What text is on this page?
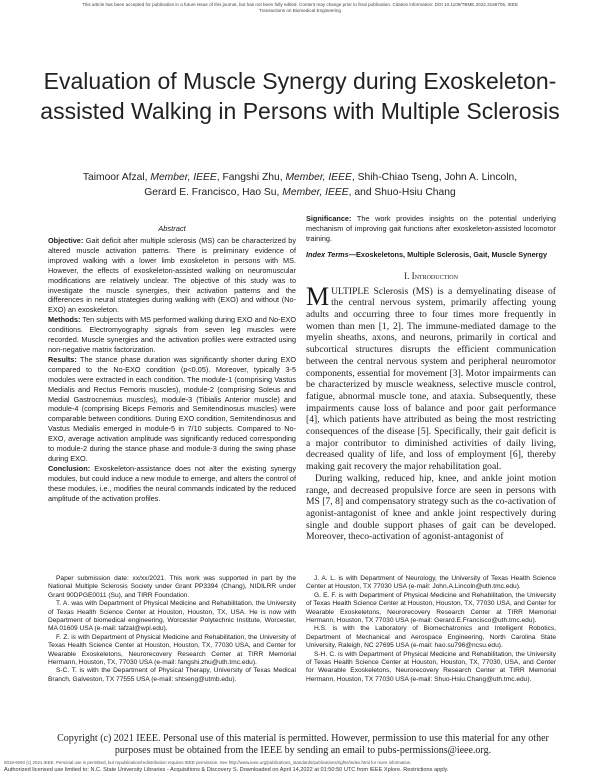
This article has been accepted for publication in a future issue of this journal, but has not been fully edited. Content may change prior to final publication. Citation information: DOI 10.1109/TBME.2022.3166705, IEEE
Transactions on Biomedical Engineering
Evaluation of Muscle Synergy during Exoskeleton-assisted Walking in Persons with Multiple Sclerosis
Taimoor Afzal, Member, IEEE, Fangshi Zhu, Member, IEEE, Shih-Chiao Tseng, John A. Lincoln, Gerard E. Francisco, Hao Su, Member, IEEE, and Shuo-Hsiu Chang
Abstract

Objective: Gait deficit after multiple sclerosis (MS) can be characterized by altered muscle activation patterns. There is preliminary evidence of improved walking with a lower limb exoskeleton in persons with MS. However, the effects of exoskeleton-assisted walking on neuromuscular modifications are relatively unclear. The objective of this study was to investigate the muscle synergies, their activation patterns and the differences in neural strategies during walking with (EXO) and without (No-EXO) an exoskeleton.

Methods: Ten subjects with MS performed walking during EXO and No-EXO conditions. Electromyography signals from seven leg muscles were recorded. Muscle synergies and the activation profiles were extracted using non-negative matrix factorization.

Results: The stance phase duration was significantly shorter during EXO compared to the No-EXO condition (p<0.05). Moreover, typically 3-5 modules were extracted in each condition. The module-1 (comprising Vastus Medialis and Rectus Femoris muscles), module-2 (comprising Soleus and Medial Gastrocnemius muscles), module-3 (Tibialis Anterior muscle) and module-4 (comprising Biceps Femoris and Semitendinosus muscles) were comparable between conditions. During EXO condition, Semitendinosus and Vastus Medialis emerged in module-5 in 7/10 subjects. Compared to No-EXO, average activation amplitude was significantly reduced corresponding to module-2 during the stance phase and module-3 during the swing phase during EXO.

Conclusion: Exoskeleton-assistance does not alter the existing synergy modules, but could induce a new module to emerge, and alters the control of these modules, i.e., modifies the neural commands indicated by the reduced amplitude of the activation profiles.

Significance: The work provides insights on the potential underlying mechanism of improving gait functions after exoskeleton-assisted locomotor training.

Index Terms—Exoskeletons, Multiple Sclerosis, Gait, Muscle Synergy

I. Introduction

MULTIPLE Sclerosis (MS) is a demyelinating disease of the central nervous system, primarily affecting young adults and occurring three to four times more frequently in women than men [1, 2]. The immune-mediated damage to the myelin sheaths, axons, and neurons, primarily in cortical and subcortical structures disrupts the efficient communication between the central nervous system and peripheral neuromotor components, essential for movement [3]. Motor impairments can be characterized by muscle weakness, selective muscle control, fatigue, abnormal muscle tone, and ataxia. Subsequently, these impairments cause loss of balance and poor gait performance [4], which patients have attributed as being the most restricting consequences of the disease [5]. Specifically, their gait deficit is a major contributor to diminished activities of daily living, decreased quality of life, and loss of employment [6], thereby making gait recovery the major rehabilitation goal.

During walking, reduced hip, knee, and ankle joint motion range, and decreased propulsive force are seen in persons with MS [7, 8] and compensatory strategy such as the co-activation of agonist-antagonist of knee and ankle joint respectively during single and double support phases of gait can be developed. Moreover, theco-activation of agonist-antagonist of

Paper submission date: xx/xx/2021. This work was supported in part by the National Multiple Sclerosis Society under Grant PP3394 (Chang), NIDILRR under Grant 90DPGE0011 (Su), and TIRR Foundation.

T. A. was with Department of Physical Medicine and Rehabilitation, the University of Texas Health Science Center at Houston, Houston, TX, USA. He is now with Department of biomedical engineering, Worcester Polytechnic Institute, Worcester, MA 01609 USA (e-mail: tafzal@wpi.edu).

F. Z. is with Department of Physical Medicine and Rehabilitation, the University of Texas Health Science Center at Houston, Houston, TX, 77030 USA, and Center for Wearable Exoskeletons, Neurorecovery Research Center at TIRR Memorial Hermann, Houston, TX, 77030 USA (e-mail: fangshi.zhu@uth.tmc.edu).

S-C. T. is with the Department of Physical Therapy, University of Texas Medical Branch, Galveston, TX 77555 USA (e-mail: shtseng@utmb.edu).

J. A. L. is with Department of Neurology, the University of Texas Health Science Center at Houston, TX 77030 USA (e-mail: John.A.Lincoln@uth.tmc.edu).

G. E. F. is with Department of Physical Medicine and Rehabilitation, the University of Texas Health Science Center at Houston, Houston, TX, 77030 USA, and Center for Wearable Exoskeletons, Neurorecovery Research Center at TIRR Memorial Hermann, Houston, TX 77030 USA (e-mail: Gerard.E.Francisco@uth.tmc.edu).

H.S. is with the Laboratory of Biomechatronics and Intelligent Robotics, Department of Mechanical and Aerospace Engineering, North Carolina State University, Raleigh, NC 27695 USA (e-mail: hao.su796@ncsu.edu).

S-H. C. is with Department of Physical Medicine and Rehabilitation, the University of Texas Health Science Center at Houston, Houston, TX, 77030, USA, and Center for Wearable Exoskeletons, Neurorecovery Research Center at TIRR Memorial Hermann, Houston, TX 77030 USA (e-mail: Shuo-Hsiu.Chang@uth.tmc.edu).

Copyright (c) 2021 IEEE. Personal use of this material is permitted. However, permission to use this material for any other
purposes must be obtained from the IEEE by sending an email to pubs-permissions@ieee.org.
0018-9294 (c) 2021 IEEE. Personal use is permitted, but republication/redistribution requires IEEE permission. See http://www.ieee.org/publications_standards/publications/rights/index.html for more information.
Authorized licensed use limited to: N.C. State University Libraries - Acquisitions & Discovery S. Downloaded on April 14,2022 at 01:50:50 UTC from IEEE Xplore. Restrictions apply.
